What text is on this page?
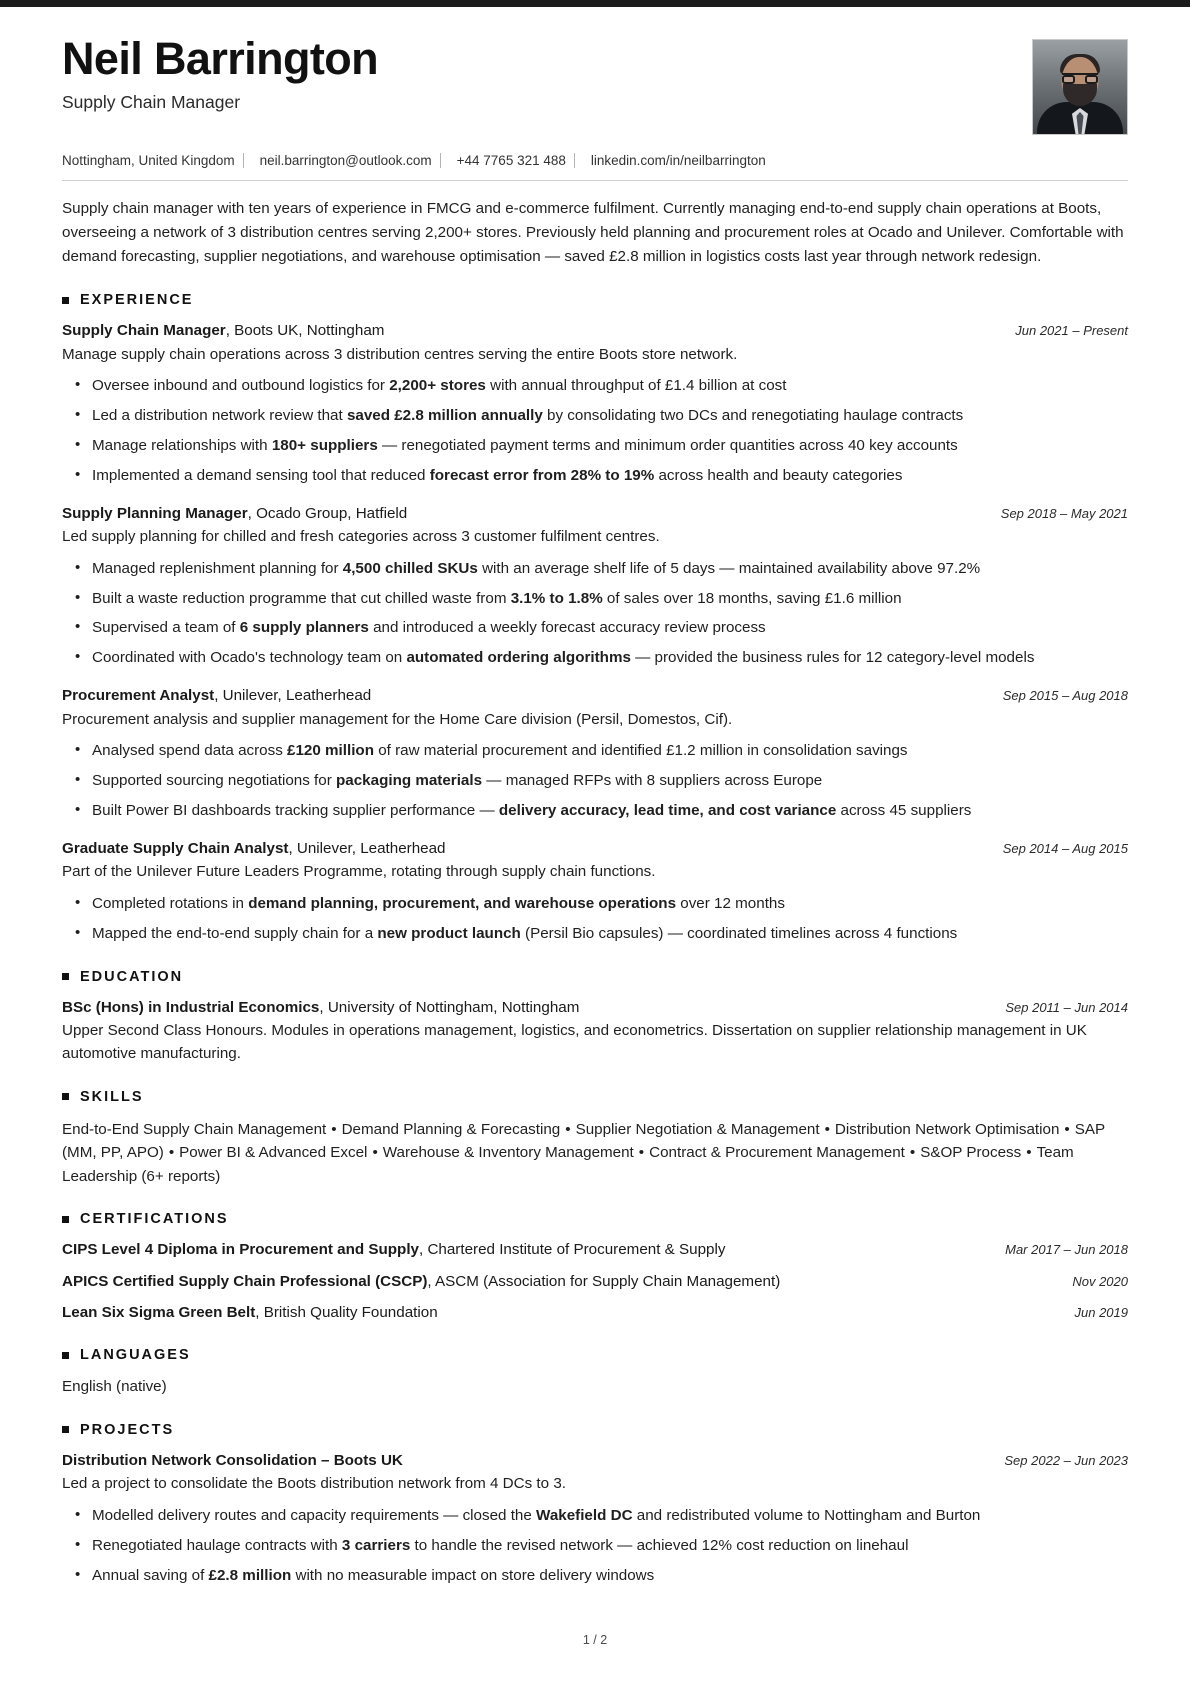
Neil Barrington
Supply Chain Manager
Nottingham, United Kingdom neil.barrington@outlook.com +44 7765 321 488 linkedin.com/in/neilbarrington
Supply chain manager with ten years of experience in FMCG and e-commerce fulfilment. Currently managing end-to-end supply chain operations at Boots, overseeing a network of 3 distribution centres serving 2,200+ stores. Previously held planning and procurement roles at Ocado and Unilever. Comfortable with demand forecasting, supplier negotiations, and warehouse optimisation — saved £2.8 million in logistics costs last year through network redesign.
EXPERIENCE
Supply Chain Manager, Boots UK, Nottingham	Jun 2021 – Present
Manage supply chain operations across 3 distribution centres serving the entire Boots store network.
• Oversee inbound and outbound logistics for 2,200+ stores with annual throughput of £1.4 billion at cost
• Led a distribution network review that saved £2.8 million annually by consolidating two DCs and renegotiating haulage contracts
• Manage relationships with 180+ suppliers — renegotiated payment terms and minimum order quantities across 40 key accounts
• Implemented a demand sensing tool that reduced forecast error from 28% to 19% across health and beauty categories
Supply Planning Manager, Ocado Group, Hatfield	Sep 2018 – May 2021
Led supply planning for chilled and fresh categories across 3 customer fulfilment centres.
• Managed replenishment planning for 4,500 chilled SKUs with an average shelf life of 5 days — maintained availability above 97.2%
• Built a waste reduction programme that cut chilled waste from 3.1% to 1.8% of sales over 18 months, saving £1.6 million
• Supervised a team of 6 supply planners and introduced a weekly forecast accuracy review process
• Coordinated with Ocado's technology team on automated ordering algorithms — provided the business rules for 12 category-level models
Procurement Analyst, Unilever, Leatherhead	Sep 2015 – Aug 2018
Procurement analysis and supplier management for the Home Care division (Persil, Domestos, Cif).
• Analysed spend data across £120 million of raw material procurement and identified £1.2 million in consolidation savings
• Supported sourcing negotiations for packaging materials — managed RFPs with 8 suppliers across Europe
• Built Power BI dashboards tracking supplier performance — delivery accuracy, lead time, and cost variance across 45 suppliers
Graduate Supply Chain Analyst, Unilever, Leatherhead	Sep 2014 – Aug 2015
Part of the Unilever Future Leaders Programme, rotating through supply chain functions.
• Completed rotations in demand planning, procurement, and warehouse operations over 12 months
• Mapped the end-to-end supply chain for a new product launch (Persil Bio capsules) — coordinated timelines across 4 functions
EDUCATION
BSc (Hons) in Industrial Economics, University of Nottingham, Nottingham	Sep 2011 – Jun 2014
Upper Second Class Honours. Modules in operations management, logistics, and econometrics. Dissertation on supplier relationship management in UK automotive manufacturing.
SKILLS
End-to-End Supply Chain Management • Demand Planning & Forecasting • Supplier Negotiation & Management • Distribution Network Optimisation • SAP (MM, PP, APO) • Power BI & Advanced Excel • Warehouse & Inventory Management • Contract & Procurement Management • S&OP Process • Team Leadership (6+ reports)
CERTIFICATIONS
CIPS Level 4 Diploma in Procurement and Supply, Chartered Institute of Procurement & Supply	Mar 2017 – Jun 2018
APICS Certified Supply Chain Professional (CSCP), ASCM (Association for Supply Chain Management)	Nov 2020
Lean Six Sigma Green Belt, British Quality Foundation	Jun 2019
LANGUAGES
English (native)
PROJECTS
Distribution Network Consolidation – Boots UK	Sep 2022 – Jun 2023
Led a project to consolidate the Boots distribution network from 4 DCs to 3.
• Modelled delivery routes and capacity requirements — closed the Wakefield DC and redistributed volume to Nottingham and Burton
• Renegotiated haulage contracts with 3 carriers to handle the revised network — achieved 12% cost reduction on linehaul
• Annual saving of £2.8 million with no measurable impact on store delivery windows
1 / 2
